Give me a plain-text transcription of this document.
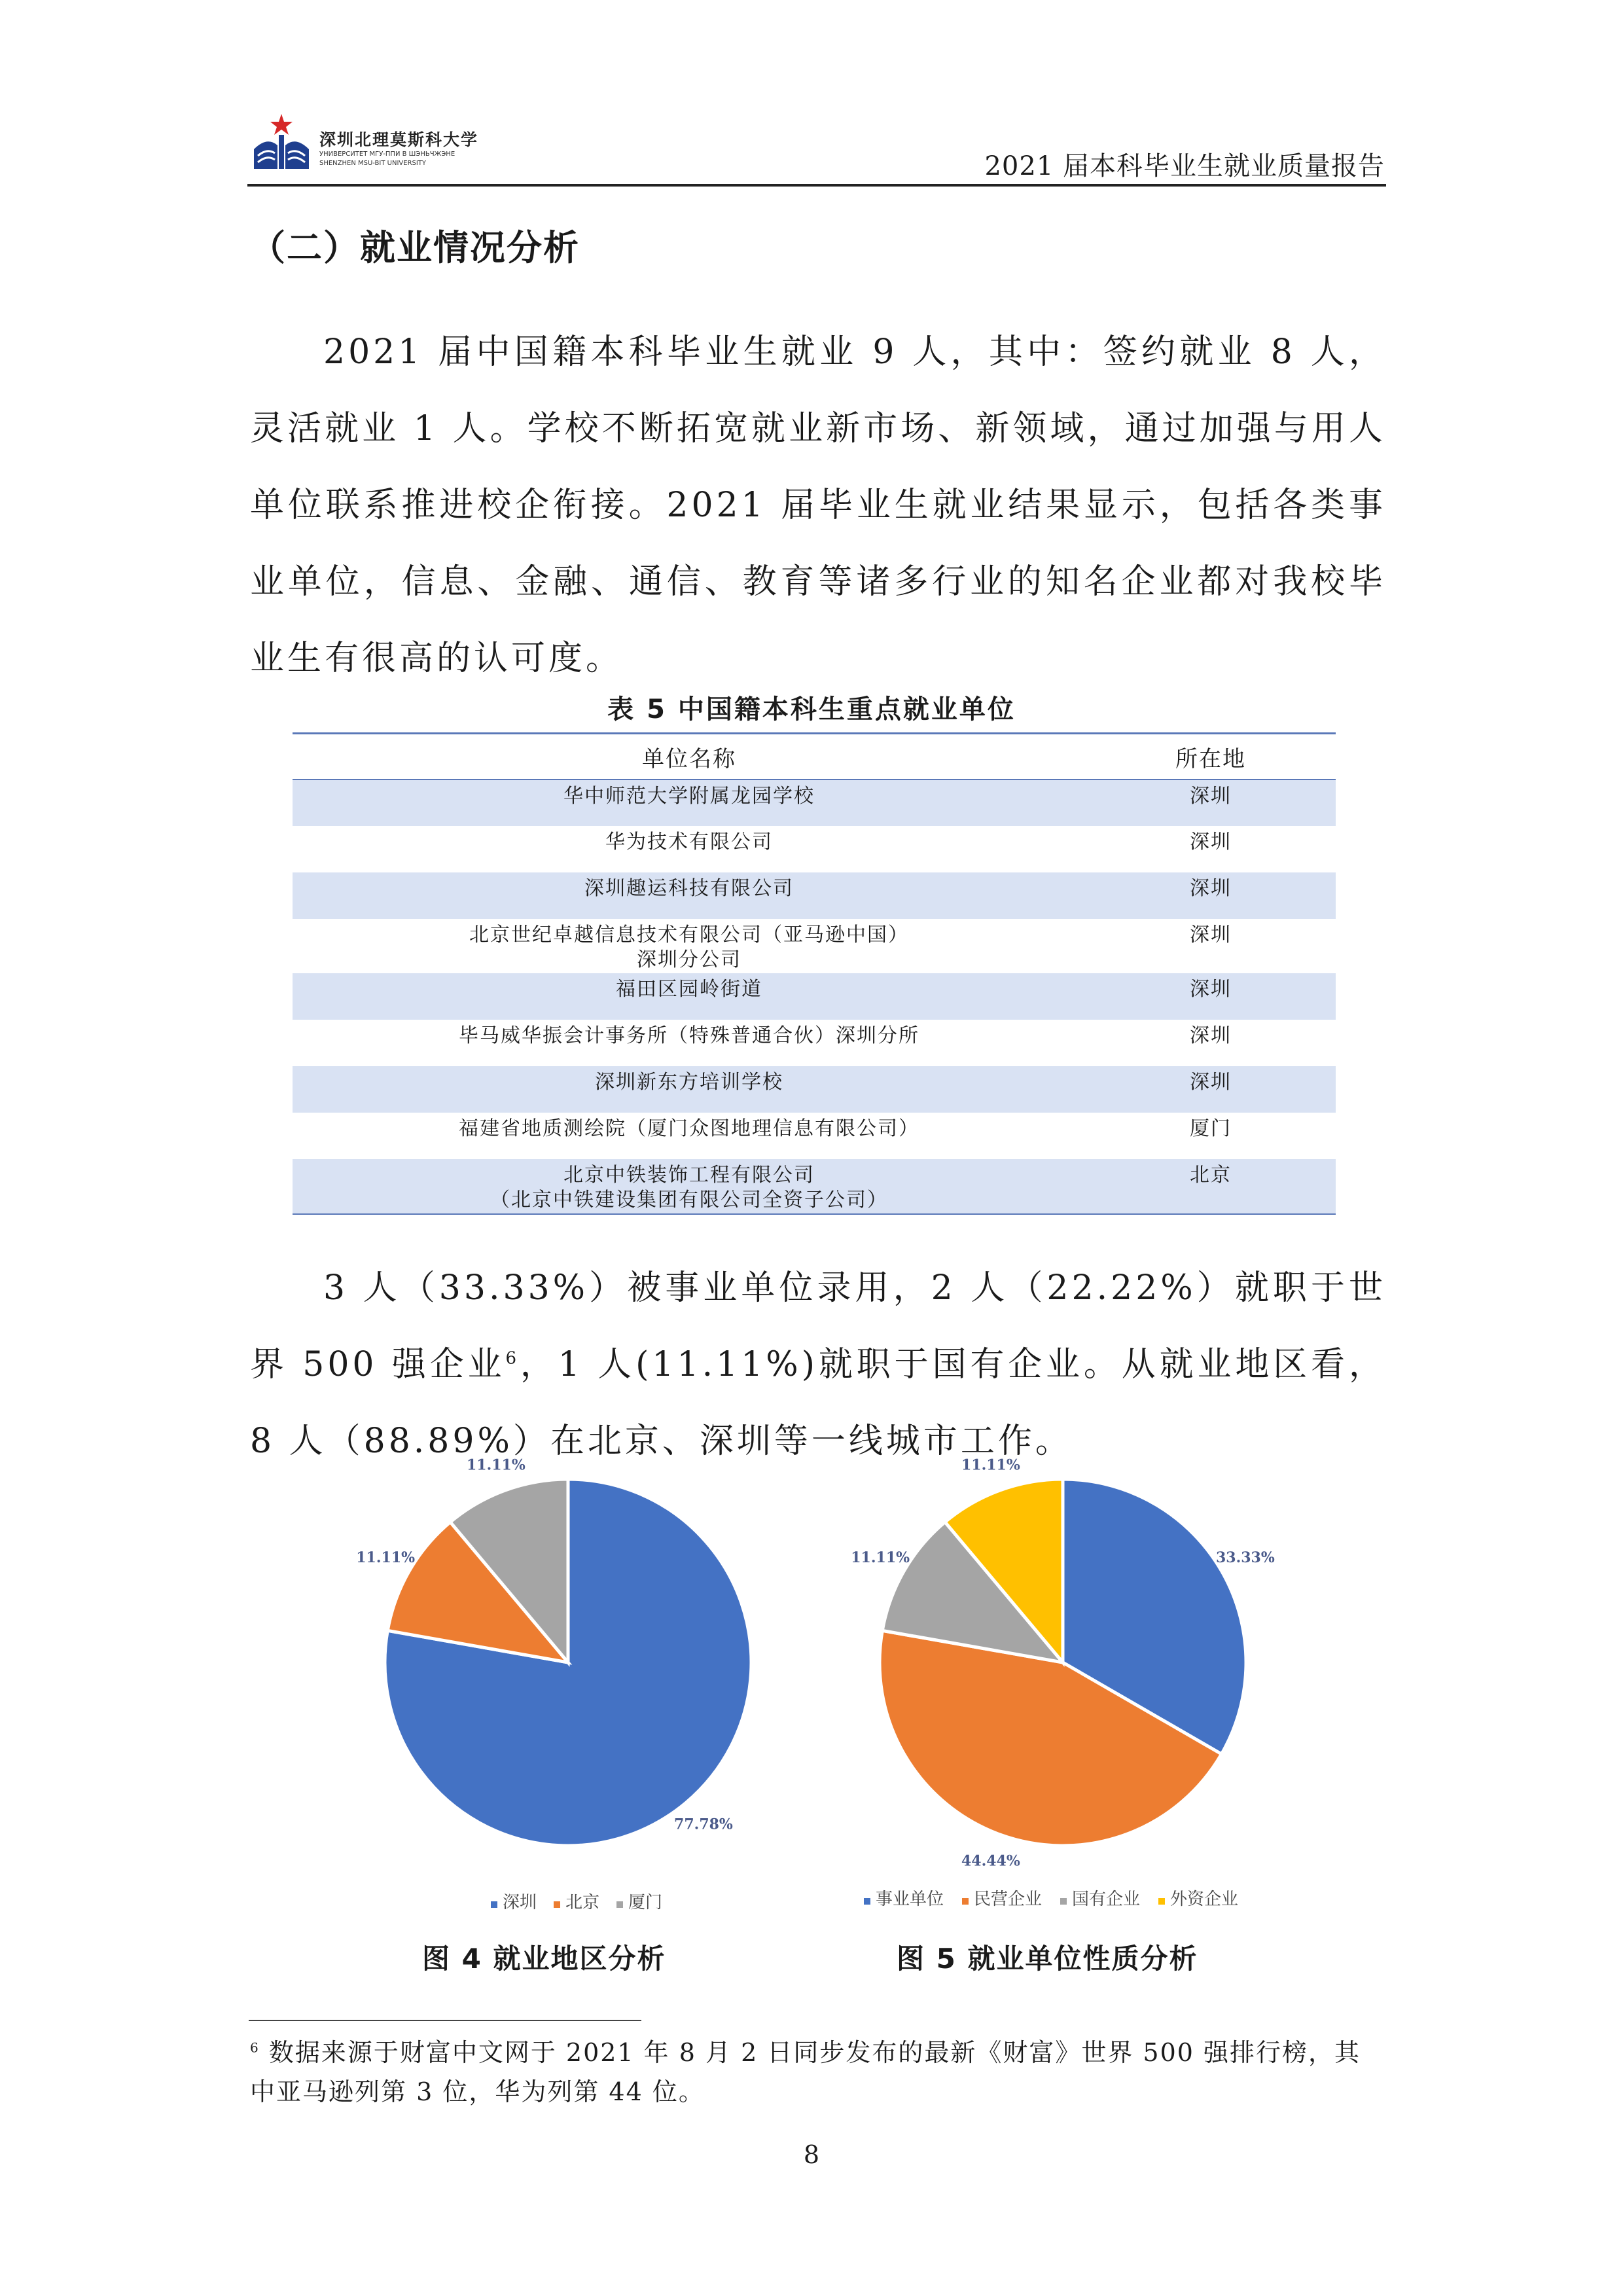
深圳北理莫斯科大学
УНИВЕРСИТЕТ МГУ-ППИ В ШЭНЬЧЖЭНЕ
SHENZHEN MSU-BIT UNIVERSITY	2021 届本科毕业生就业质量报告
（二）就业情况分析
2021 届中国籍本科毕业生就业 9 人，其中：签约就业 8 人，灵活就业 1 人。学校不断拓宽就业新市场、新领域，通过加强与用人单位联系推进校企衔接。2021 届毕业生就业结果显示，包括各类事业单位，信息、金融、通信、教育等诸多行业的知名企业都对我校毕业生有很高的认可度。
表 5 中国籍本科生重点就业单位
单位名称	所在地

华中师范大学附属龙园学校	深圳

华为技术有限公司	深圳

深圳趣运科技有限公司	深圳

北京世纪卓越信息技术有限公司（亚马逊中国）
深圳分公司	深圳

福田区园岭街道	深圳

毕马威华振会计事务所（特殊普通合伙）深圳分所	深圳

深圳新东方培训学校	深圳

福建省地质测绘院（厦门众图地理信息有限公司）	厦门

北京中铁装饰工程有限公司
（北京中铁建设集团有限公司全资子公司）	北京
3 人（33.33%）被事业单位录用，2 人（22.22%）就职于世界 500 强企业$^6$，1 人(11.11%)就职于国有企业。从就业地区看，8 人（88.89%）在北京、深圳等一线城市工作。
77.78%
11.11%
11.11%
深圳 北京 厦门
33.33%
44.44%
11.11%
11.11%
事业单位 民营企业 国有企业 外资企业
图 4 就业地区分析	图 5 就业单位性质分析
$^6$ 数据来源于财富中文网于 2021 年 8 月 2 日同步发布的最新《财富》世界 500 强排行榜，其中亚马逊列第 3 位，华为列第 44 位。
8
